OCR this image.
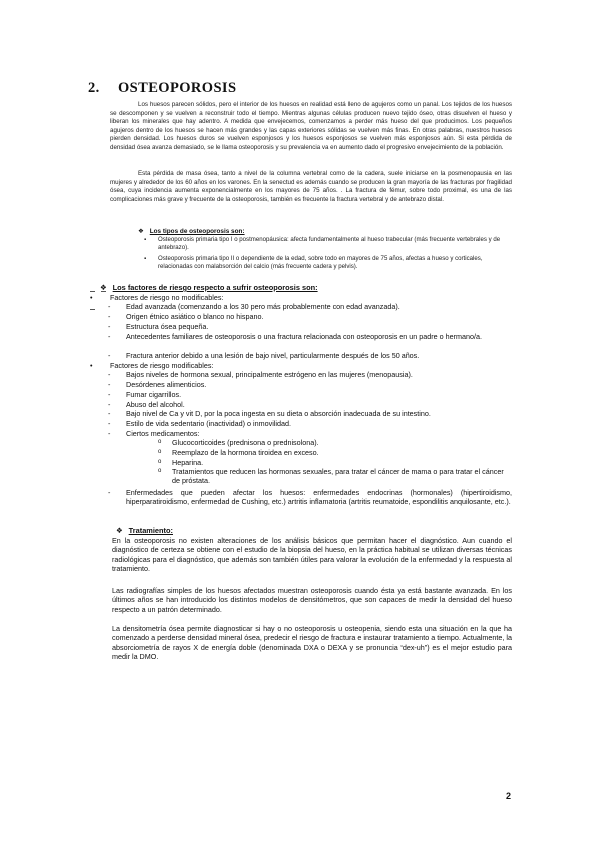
2. OSTEOPOROSIS
Los huesos parecen sólidos, pero el interior de los huesos en realidad está lleno de agujeros como un panal. Los tejidos de los huesos se descomponen y se vuelven a reconstruir todo el tiempo. Mientras algunas células producen nuevo tejido óseo, otras disuelven el hueso y liberan los minerales que hay adentro. A medida que envejecemos, comenzamos a perder más hueso del que producimos. Los pequeños agujeros dentro de los huesos se hacen más grandes y las capas exteriores sólidas se vuelven más finas. En otras palabras, nuestros huesos pierden densidad. Los huesos duros se vuelven esponjosos y los huesos esponjosos se vuelven más esponjosos aún. Si esta pérdida de densidad ósea avanza demasiado, se le llama osteoporosis y su prevalencia va en aumento dado el progresivo envejecimiento de la población.
Esta pérdida de masa ósea, tanto a nivel de la columna vertebral como de la cadera, suele iniciarse en la posmenopausia en las mujeres y alrededor de los 60 años en los varones. En la senectud es además cuando se producen la gran mayoría de las fracturas por fragilidad ósea, cuya incidencia aumenta exponencialmente en los mayores de 75 años. . La fractura de fémur, sobre todo proximal, es una de las complicaciones más grave y frecuente de la osteoporosis, también es frecuente la fractura vertebral y de antebrazo distal.
❖ Los tipos de osteoporosis son:
▪ Osteoporosis primaria tipo I o postmenopáusica: afecta fundamentalmente al hueso trabecular (más frecuente vertebrales y de antebrazo).
▪ Osteoporosis primaria tipo II o dependiente de la edad, sobre todo en mayores de 75 años, afectas a hueso y corticales, relacionadas con malabsorción del calcio (más frecuente cadera y pelvis).
❖ Los factores de riesgo respecto a sufrir osteoporosis son:
• Factores de riesgo no modificables:
- Edad avanzada (comenzando a los 30 pero más probablemente con edad avanzada).
- Origen étnico asiático o blanco no hispano.
- Estructura ósea pequeña.
- Antecedentes familiares de osteoporosis o una fractura relacionada con osteoporosis en un padre o hermano/a.
- Fractura anterior debido a una lesión de bajo nivel, particularmente después de los 50 años.
• Factores de riesgo modificables:
- Bajos niveles de hormona sexual, principalmente estrógeno en las mujeres (menopausia).
- Desórdenes alimenticios.
- Fumar cigarrillos.
- Abuso del alcohol.
- Bajo nivel de Ca y vit D, por la poca ingesta en su dieta o absorción inadecuada de su intestino.
- Estilo de vida sedentario (inactividad) o inmovilidad.
- Ciertos medicamentos:
o Glucocorticoides (prednisona o prednisolona).
o Reemplazo de la hormona tiroidea en exceso.
o Heparina.
o Tratamientos que reducen las hormonas sexuales, para tratar el cáncer de mama o para tratar el cáncer de próstata.
- Enfermedades que pueden afectar los huesos: enfermedades endocrinas (hormonales) (hipertiroidismo, hiperparatiroidismo, enfermedad de Cushing, etc.) artritis inflamatoria (artritis reumatoide, espondilitis anquilosante, etc.).
❖ Tratamiento:
En la osteoporosis no existen alteraciones de los análisis básicos que permitan hacer el diagnóstico. Aun cuando el diagnóstico de certeza se obtiene con el estudio de la biopsia del hueso, en la práctica habitual se utilizan diversas técnicas radiológicas para el diagnóstico, que además son también útiles para valorar la evolución de la enfermedad y la respuesta al tratamiento.
Las radiografías simples de los huesos afectados muestran osteoporosis cuando ésta ya está bastante avanzada. En los últimos años se han introducido los distintos modelos de densitómetros, que son capaces de medir la densidad del hueso respecto a un patrón determinado.
La densitometría ósea permite diagnosticar si hay o no osteoporosis u osteopenia, siendo esta una situación en la que ha comenzado a perderse densidad mineral ósea, predecir el riesgo de fractura e instaurar tratamiento a tiempo. Actualmente, la absorciometría de rayos X de energía doble (denominada DXA o DEXA y se pronuncia “dex-uh”) es el mejor estudio para medir la DMO.
2
